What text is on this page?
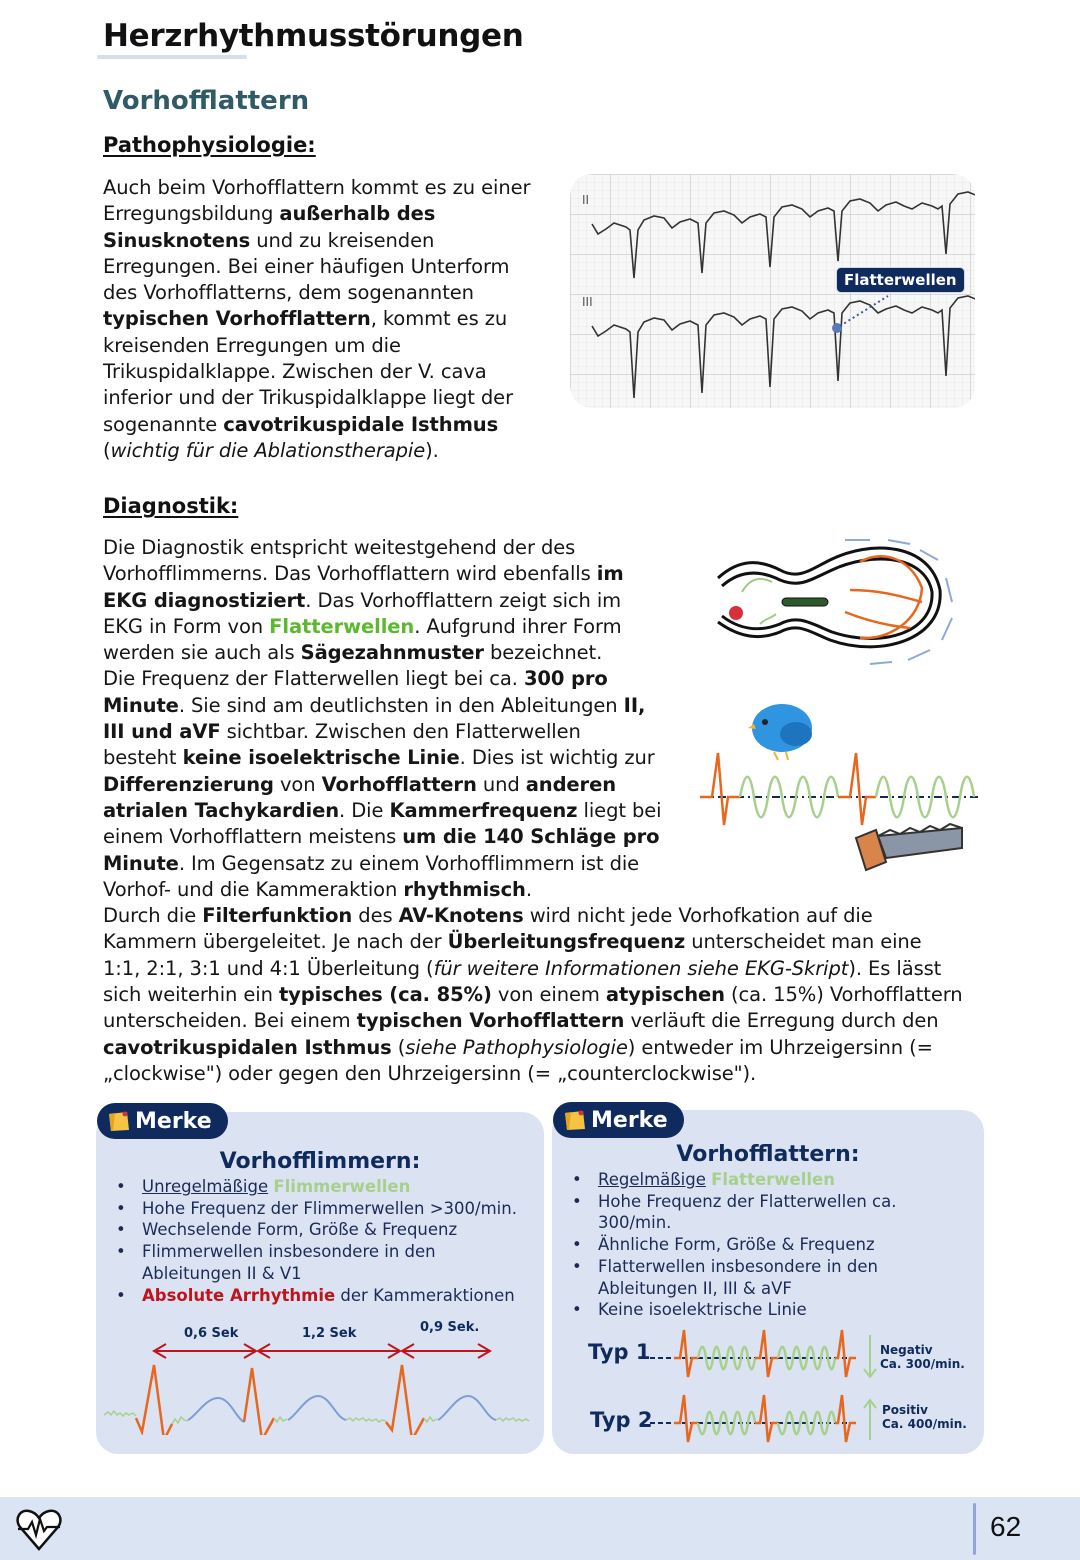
Herzrhythmusstörungen
Vorhofflattern
Pathophysiologie:
Auch beim Vorhofflattern kommt es zu einer
Erregungsbildung außerhalb des
Sinusknotens und zu kreisenden
Erregungen. Bei einer häufigen Unterform
des Vorhofflatterns, dem sogenannten
typischen Vorhofflattern, kommt es zu
kreisenden Erregungen um die
Trikuspidalklappe. Zwischen der V. cava
inferior und der Trikuspidalklappe liegt der
sogenannte cavotrikuspidale Isthmus
(wichtig für die Ablationstherapie).
II
III
Flatterwellen
Diagnostik:
Die Diagnostik entspricht weitestgehend der des
Vorhofflimmerns. Das Vorhofflattern wird ebenfalls im
EKG diagnostiziert. Das Vorhofflattern zeigt sich im
EKG in Form von Flatterwellen. Aufgrund ihrer Form
werden sie auch als Sägezahnmuster bezeichnet.
Die Frequenz der Flatterwellen liegt bei ca. 300 pro
Minute. Sie sind am deutlichsten in den Ableitungen II,
III und aVF sichtbar. Zwischen den Flatterwellen
besteht keine isoelektrische Linie. Dies ist wichtig zur
Differenzierung von Vorhofflattern und anderen
atrialen Tachykardien. Die Kammerfrequenz liegt bei
einem Vorhofflattern meistens um die 140 Schläge pro
Minute. Im Gegensatz zu einem Vorhofflimmern ist die
Vorhof- und die Kammeraktion rhythmisch.
Durch die Filterfunktion des AV-Knotens wird nicht jede Vorhofkation auf die
Kammern übergeleitet. Je nach der Überleitungsfrequenz unterscheidet man eine
1:1, 2:1, 3:1 und 4:1 Überleitung (für weitere Informationen siehe EKG-Skript). Es lässt
sich weiterhin ein typisches (ca. 85%) von einem atypischen (ca. 15%) Vorhofflattern
unterscheiden. Bei einem typischen Vorhofflattern verläuft die Erregung durch den
cavotrikuspidalen Isthmus (siehe Pathophysiologie) entweder im Uhrzeigersinn (=
„clockwise") oder gegen den Uhrzeigersinn (= „counterclockwise").
Merke
Vorhofflimmern:
• Unregelmäßige Flimmerwellen
• Hohe Frequenz der Flimmerwellen >300/min.
• Wechselende Form, Größe & Frequenz
• Flimmerwellen insbesondere in den
Ableitungen II & V1
• Absolute Arrhythmie der Kammeraktionen
0,6 Sek	1,2 Sek	0,9 Sek.
Merke
Vorhofflattern:
• Regelmäßige Flatterwellen
• Hohe Frequenz der Flatterwellen ca.
300/min.
• Ähnliche Form, Größe & Frequenz
• Flatterwellen insbesondere in den
Ableitungen II, III & aVF
• Keine isoelektrische Linie
Typ 1
Typ 2
Negativ
Ca. 300/min.
Positiv
Ca. 400/min.
62
